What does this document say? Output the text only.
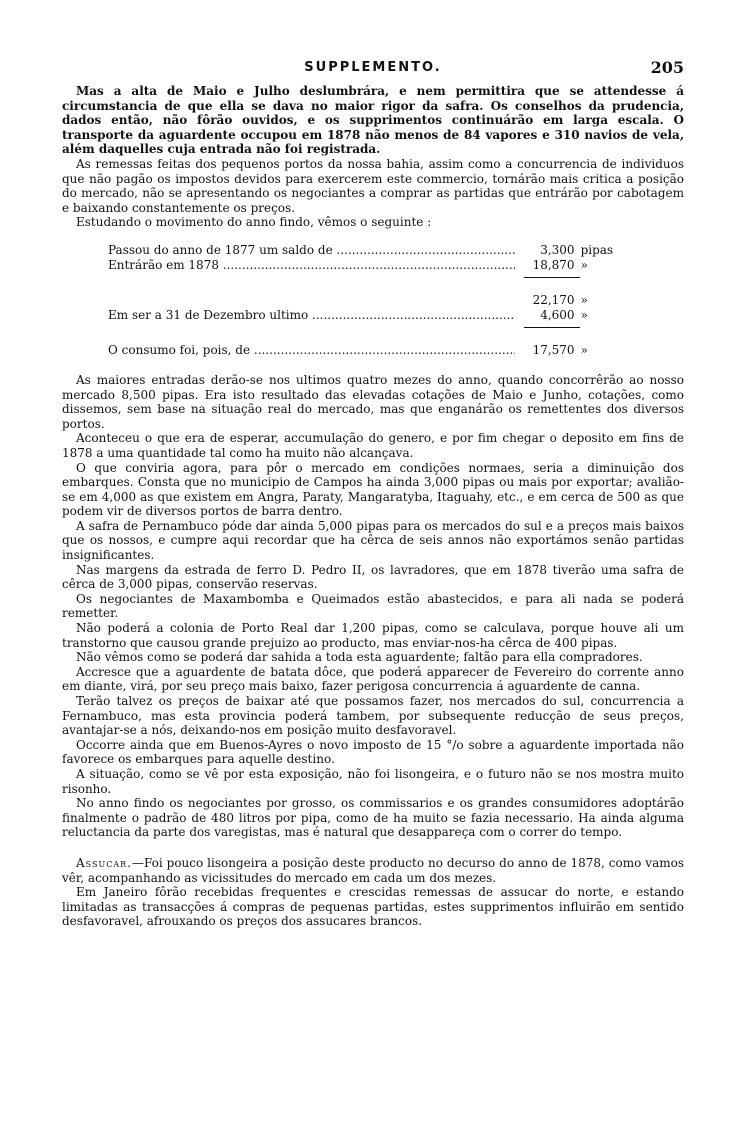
SUPPLEMENTO.	205

Mas a alta de Maio e Julho deslumbrára, e nem permittira que se attendesse á circumstancia de que ella se dava no maior rigor da safra. Os conselhos da prudencia, dados então, não fôrão ouvidos, e os supprimentos continuárão em larga escala. O transporte da aguardente occupou em 1878 não menos de 84 vapores e 310 navios de vela, além daquelles cuja entrada não foi registrada.

As remessas feitas dos pequenos portos da nossa bahia, assim como a concurrencia de individuos que não pagão os impostos devidos para exercerem este commercio, tornárão mais critica a posição do mercado, não se apresentando os negociantes a comprar as partidas que entrárão por cabotagem e baixando constantemente os preços.

Estudando o movimento do anno findo, vêmos o seguinte :

Passou do anno de 1877 um saldo de .....	3,300 pipas
Entrárão em 1878 .....	18,870 »
22,170 »
Em ser a 31 de Dezembro ultimo .....	4,600 »
O consumo foi, pois, de .....	17,570 »

As maiores entradas derão-se nos ultimos quatro mezes do anno, quando concorrêrão ao nosso mercado 8,500 pipas. Era isto resultado das elevadas cotações de Maio e Junho, cotações, como dissemos, sem base na situação real do mercado, mas que enganárão os remettentes dos diversos portos.

Aconteceu o que era de esperar, accumulação do genero, e por fim chegar o deposito em fins de 1878 a uma quantidade tal como ha muito não alcançava.

O que conviria agora, para pôr o mercado em condições normaes, seria a diminuição dos embarques. Consta que no municipio de Campos ha ainda 3,000 pipas ou mais por exportar; avalião-se em 4,000 as que existem em Angra, Paraty, Mangaratyba, Itaguahy, etc., e em cerca de 500 as que podem vir de diversos portos de barra dentro.

A safra de Pernambuco póde dar ainda 5,000 pipas para os mercados do sul e a preços mais baixos que os nossos, e cumpre aqui recordar que ha cêrca de seis annos não exportámos senão partidas insignificantes.

Nas margens da estrada de ferro D. Pedro II, os lavradores, que em 1878 tiverão uma safra de cêrca de 3,000 pipas, conservão reservas.

Os negociantes de Maxambomba e Queimados estão abastecidos, e para ali nada se poderá remetter.

Não poderá a colonia de Porto Real dar 1,200 pipas, como se calculava, porque houve ali um transtorno que causou grande prejuizo ao producto, mas enviar-nos-ha cêrca de 400 pipas.

Não vêmos como se poderá dar sahida a toda esta aguardente; faltão para ella compradores.

Accresce que a aguardente de batata dôce, que poderá apparecer de Fevereiro do corrente anno em diante, virá, por seu preço mais baixo, fazer perigosa concurrencia á aguardente de canna.

Terão talvez os preços de baixar até que possamos fazer, nos mercados do sul, concurrencia a Fernambuco, mas esta provincia poderá tambem, por subsequente reducção de seus preços, avantajar-se a nós, deixando-nos em posição muito desfavoravel.

Occorre ainda que em Buenos-Ayres o novo imposto de 15 °/o sobre a aguardente importada não favorece os embarques para aquelle destino.

A situação, como se vê por esta exposição, não foi lisongeira, e o futuro não se nos mostra muito risonho.

No anno findo os negociantes por grosso, os commissarios e os grandes consumidores adoptárão finalmente o padrão de 480 litros por pipa, como de ha muito se fazia necessario. Ha ainda alguma reluctancia da parte dos varegistas, mas é natural que desappareça com o correr do tempo.

Assucar.—Foi pouco lisongeira a posição deste producto no decurso do anno de 1878, como vamos vêr, acompanhando as vicissitudes do mercado em cada um dos mezes.

Em Janeiro fôrão recebidas frequentes e crescidas remessas de assucar do norte, e estando limitadas as transacções á compras de pequenas partidas, estes supprimentos influirão em sentido desfavoravel, afrouxando os preços dos assucares brancos.
